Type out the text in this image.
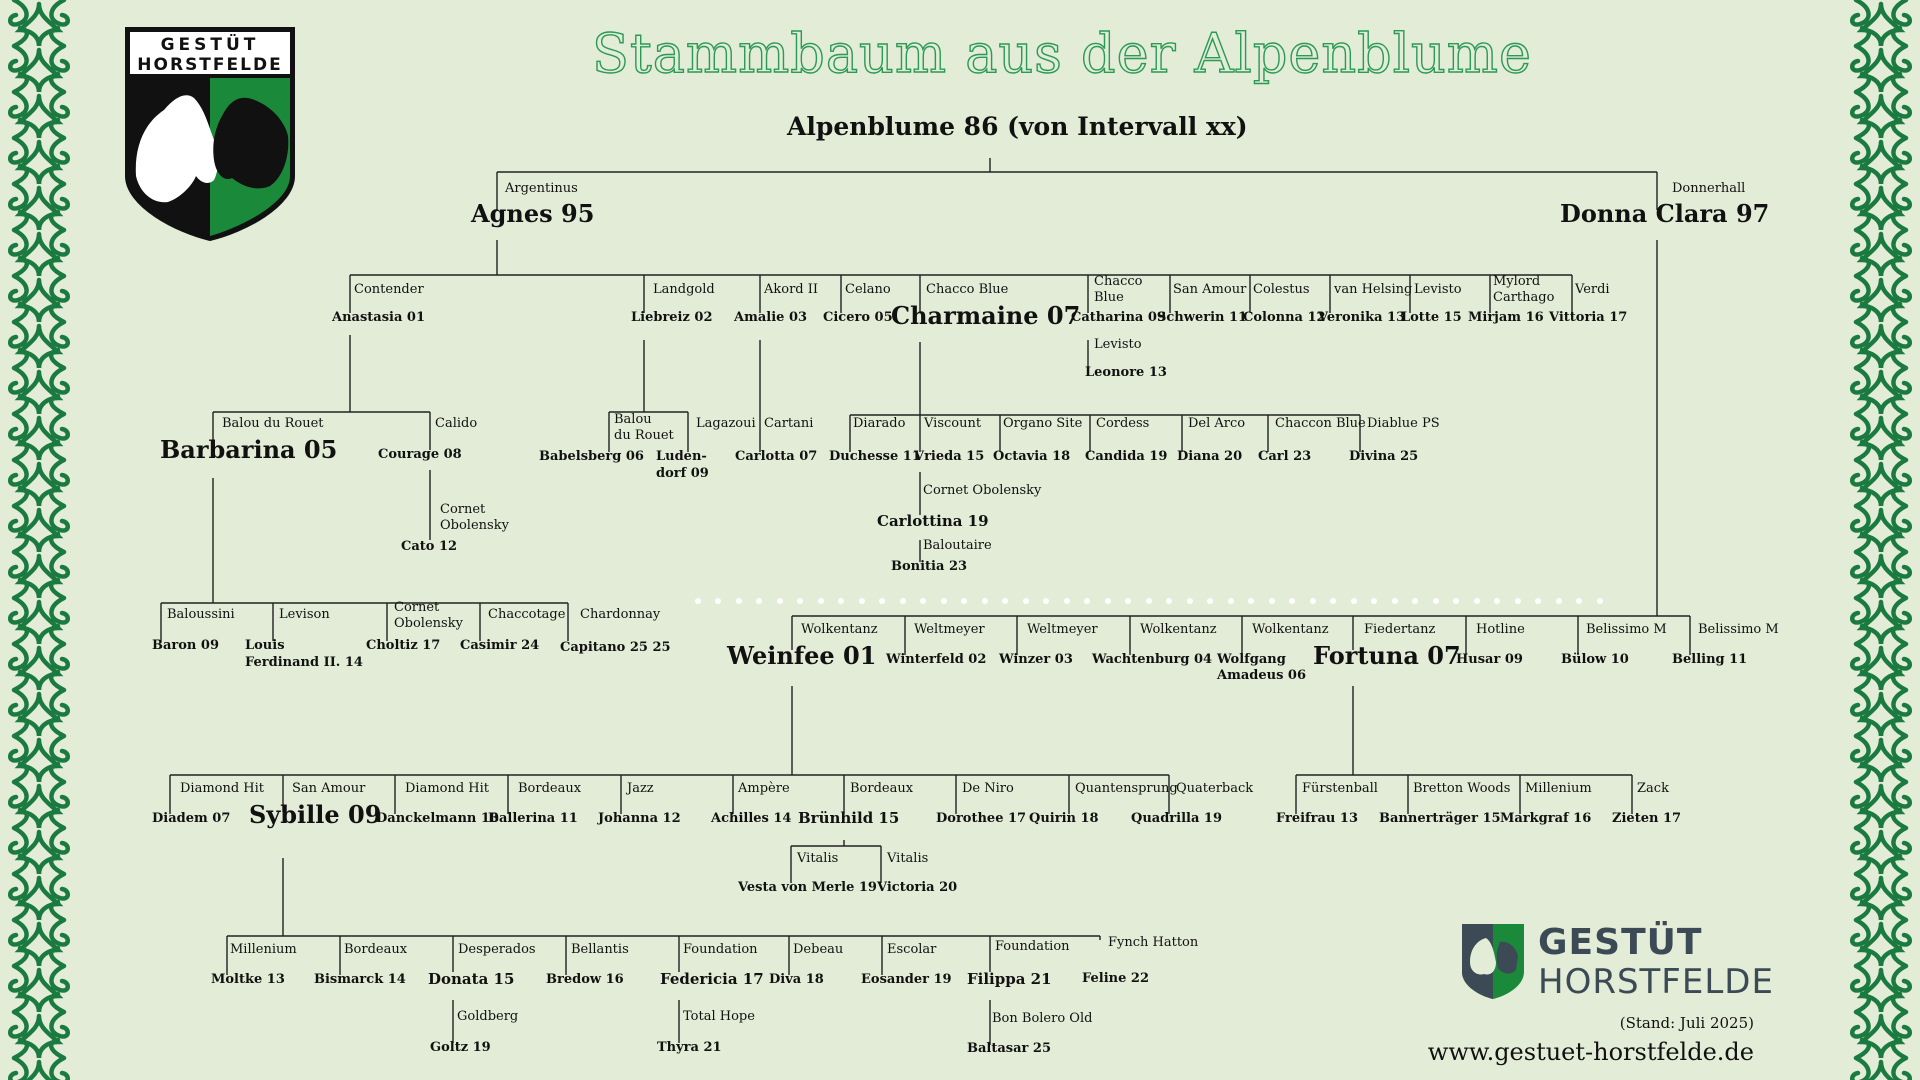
GESTÜT
HORSTFELDE	Stammbaum aus der Alpenblume
Alpenblume 86 (von Intervall xx)
Argentinus
Agnes 95
Donnerhall
Donna Clara 97
Contender
Anastasia 01
Landgold
Liebreiz 02
Akord II
Amalie 03
Celano
Cicero 05
Chacco Blue
Charmaine 07
Chacco
Blue
Catharina 09
San Amour
Schwerin 11
Colestus
Colonna 12
van Helsing
Veronika 13
Levisto
Lotte 15
Mylord
Carthago
Mirjam 16
Verdi
Vittoria 17
Levisto
Leonore 13
Balou du Rouet
Barbarina 05
Calido
Courage 08
Cornet
Obolensky
Cato 12
Balou
du Rouet
Lagazoui
Babelsberg 06 Luden-
dorf 09
Cartani
Carlotta 07
Diarado
Duchesse 11
Viscount
Vrieda 15
Organo Site
Octavia 18
Cordess
Candida 19
Del Arco
Diana 20
Chaccon Blue
Carl 23
Diablue PS
Divina 25
Cornet Obolensky
Carlottina 19
Baloutaire
Bonitia 23
Baloussini
Baron 09
Levison
Louis
Ferdinand II. 14
Cornet
Obolensky
Choltiz 17
Chaccotage
Casimir 24
Chardonnay
Capitano 25 25
Wolkentanz
Weinfee 01
Weltmeyer
Winterfeld 02
Weltmeyer
Winzer 03
Wolkentanz
Wachtenburg 04
Wolkentanz
Wolfgang
Amadeus 06
Fiedertanz
Fortuna 07
Hotline
Husar 09
Belissimo M
Bülow 10
Belissimo M
Belling 11
Diamond Hit
Diadem 07
San Amour
Sybille 09
Diamond Hit
Danckelmann 10
Bordeaux
Ballerina 11
Jazz
Johanna 12
Ampère
Achilles 14
Bordeaux
Brünhild 15
De Niro
Dorothee 17
Quantensprung
Quirin 18
Quaterback
Quadrilla 19
Fürstenball
Freifrau 13
Bretton Woods
Bannerträger 15
Millenium
Markgraf 16
Zack
Zieten 17
Vitalis
Vesta von Merle 19
Vitalis
Victoria 20
Millenium
Moltke 13
Bordeaux
Bismarck 14
Desperados
Donata 15
Bellantis
Bredow 16
Foundation
Federicia 17
Debeau
Diva 18
Escolar
Eosander 19
Foundation
Filippa 21
Fynch Hatton
Feline 22
Goldberg
Goltz 19
Total Hope
Thyra 21
Bon Bolero Old
Baltasar 25
GESTÜT
HORSTFELDE
(Stand: Juli 2025)
www.gestuet-horstfelde.de
